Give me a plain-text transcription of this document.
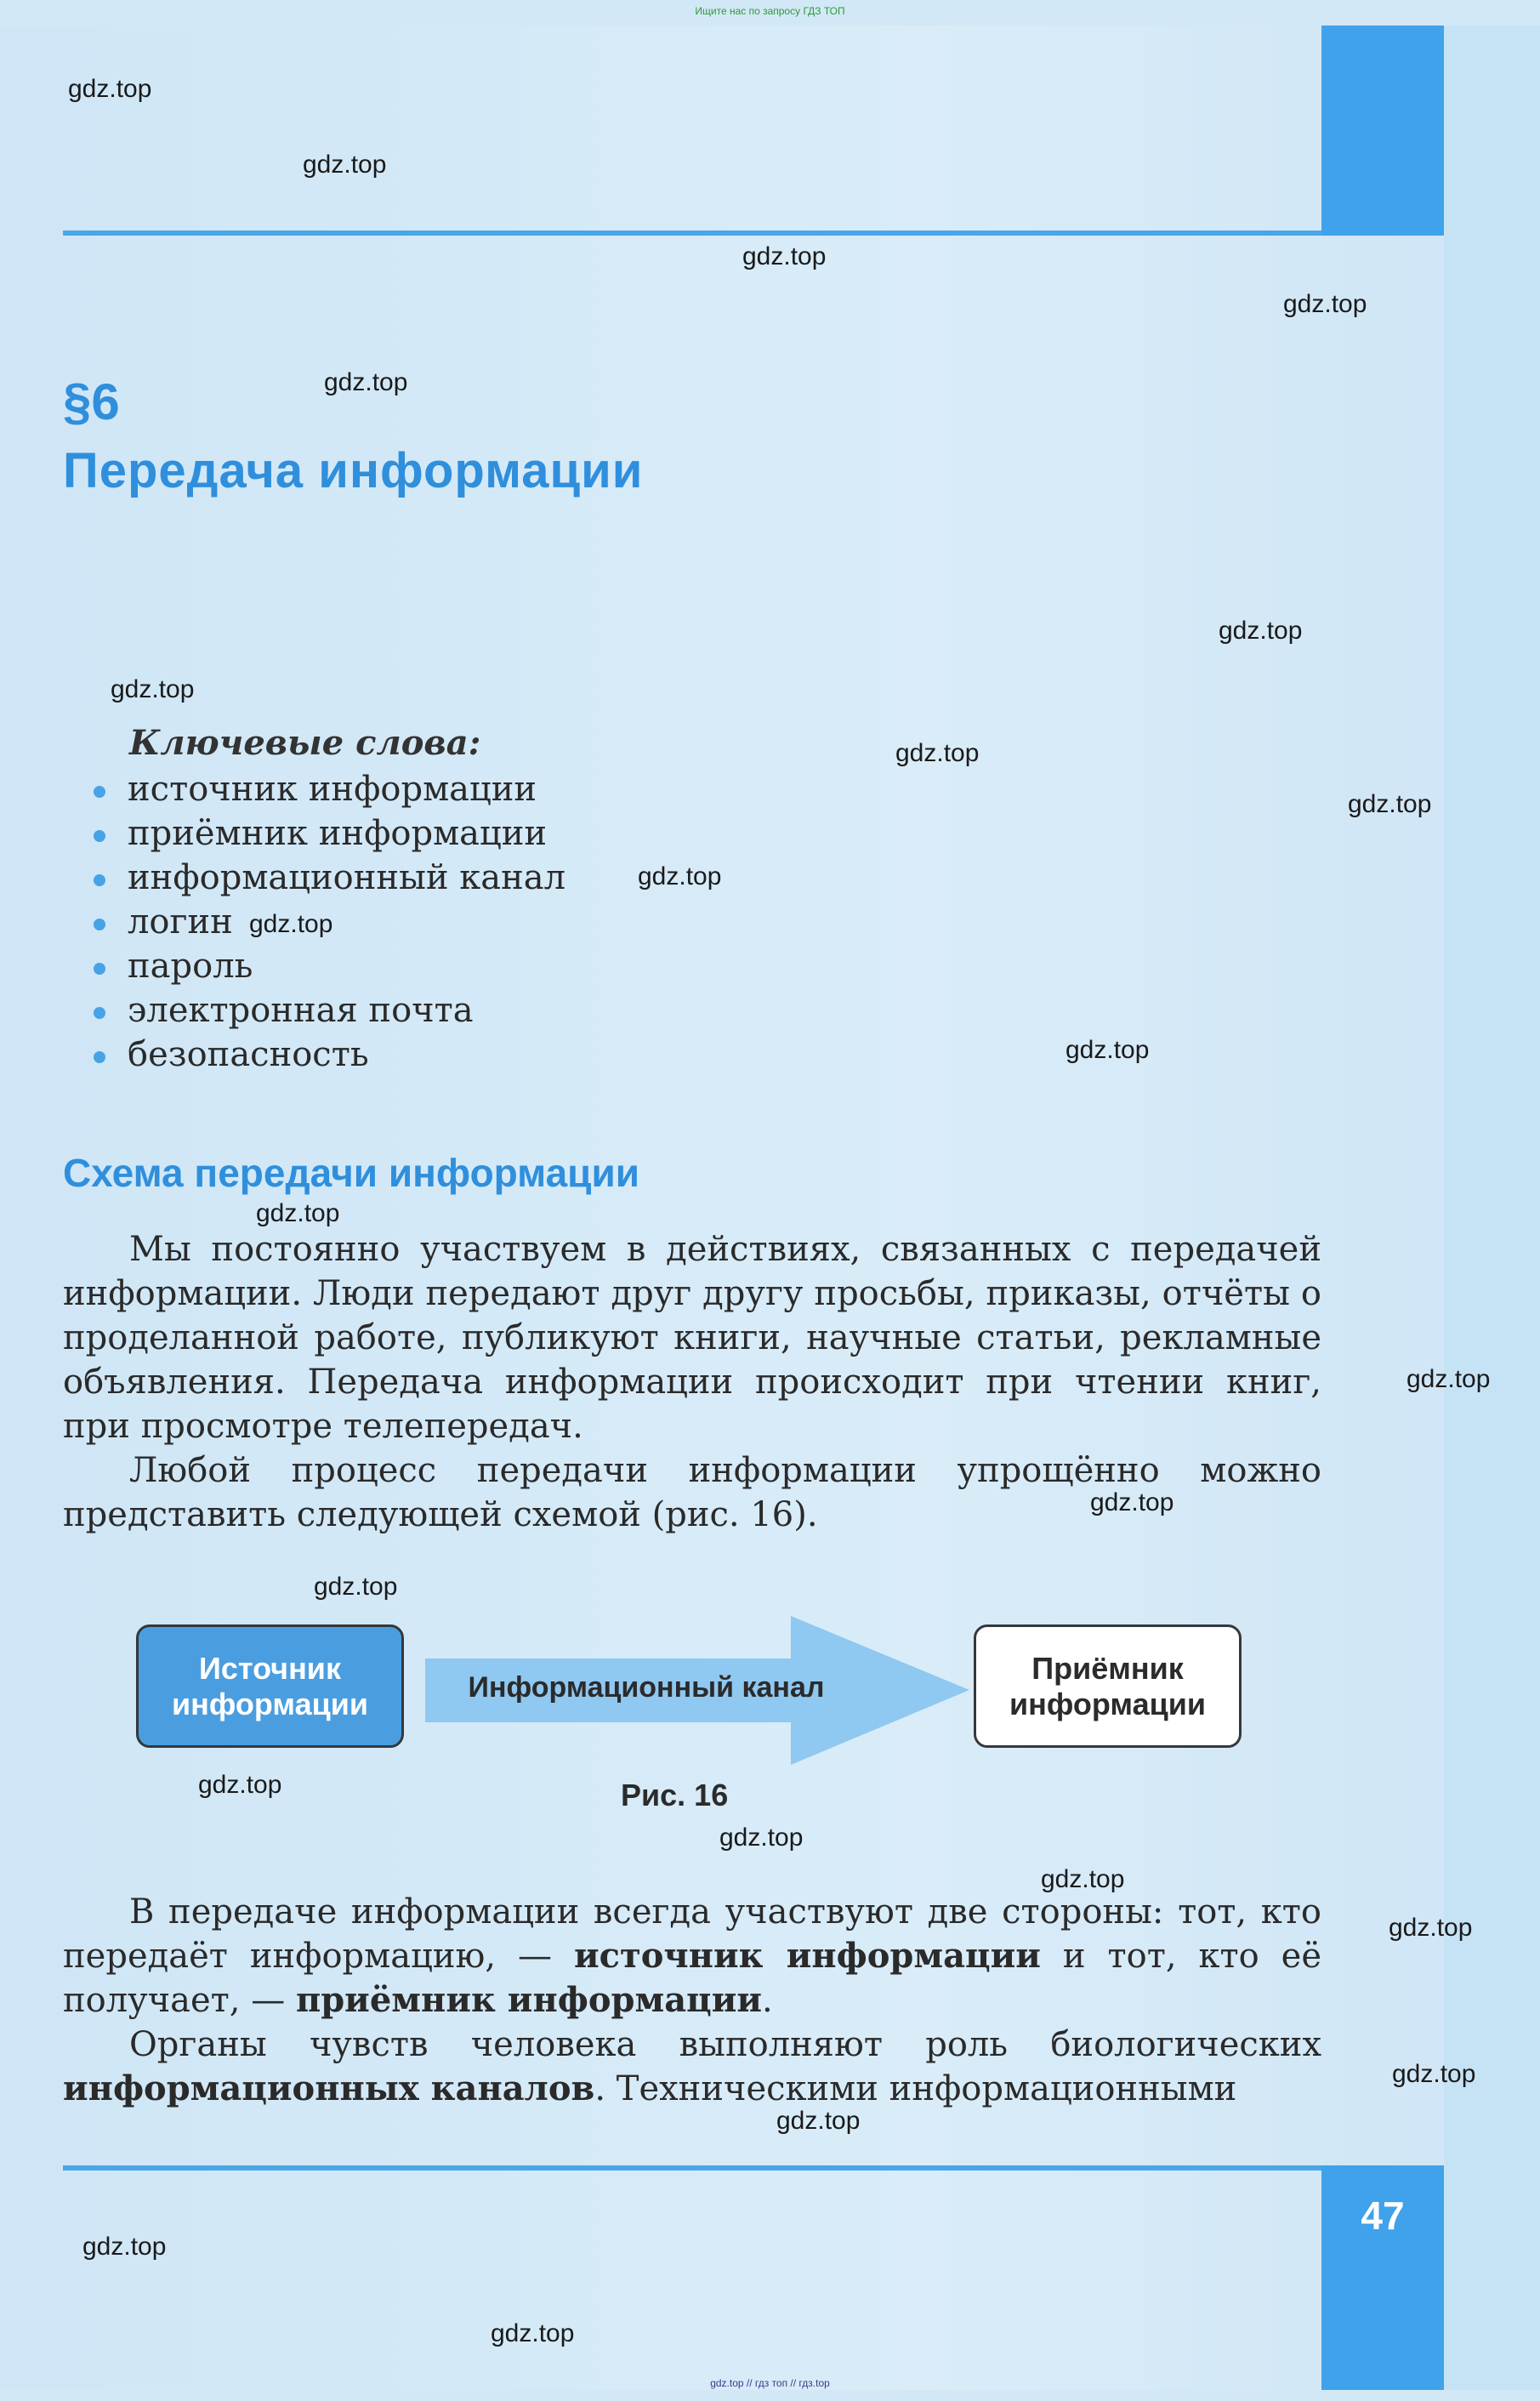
Ищите нас по запросу ГДЗ ТОП
§6
Передача информации
Ключевые слова:
источник информации
приёмник информации
информационный канал
логин
пароль
электронная почта
безопасность
Схема передачи информации

Мы постоянно участвуем в действиях, связанных с передачей информации. Люди передают друг другу просьбы, приказы, отчёты о проделанной работе, публикуют книги, научные статьи, рекламные объявления. Передача информации происходит при чтении книг, при просмотре телепередач.

Любой процесс передачи информации упрощённо можно представить следующей схемой (рис. 16).

Источник информации	Информационный канал
Приёмник информации
Рис. 16

В передаче информации всегда участвуют две стороны: тот, кто передаёт информацию, — источник информации и тот, кто её получает, — приёмник информации.

Органы чувств человека выполняют роль биологических информационных каналов. Техническими информационными

47
gdz.top // гдз топ // гдз.top
gdz.top
gdz.top
gdz.top
gdz.top
gdz.top
gdz.top
gdz.top
gdz.top
gdz.top
gdz.top
gdz.top
gdz.top
gdz.top
gdz.top
gdz.top
gdz.top
gdz.top
gdz.top
gdz.top
gdz.top
gdz.top
gdz.top
gdz.top
gdz.top
